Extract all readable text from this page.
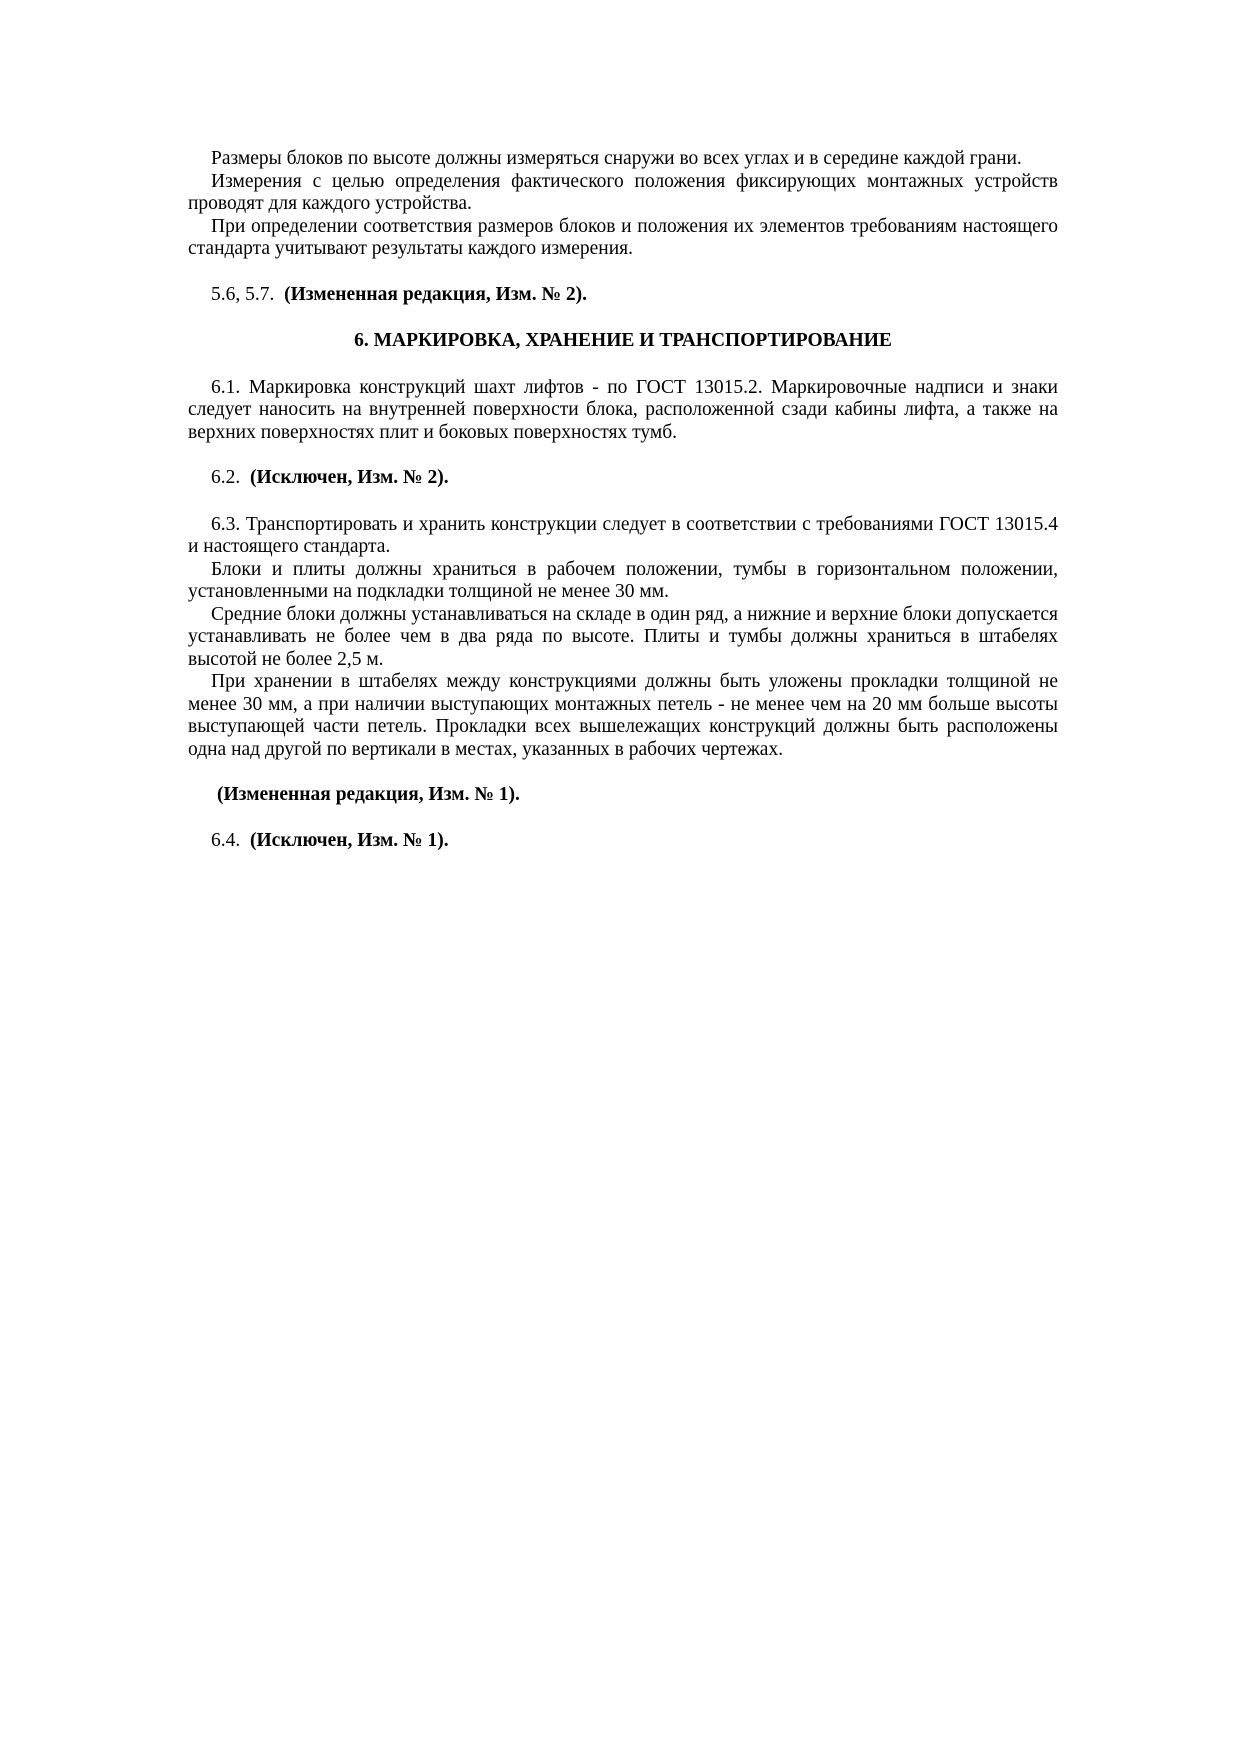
Размеры блоков по высоте должны измеряться снаружи во всех углах и в середине каждой грани.

Измерения с целью определения фактического положения фиксирующих монтажных устройств проводят для каждого устройства.

При определении соответствия размеров блоков и положения их элементов требованиям настоящего стандарта учитывают результаты каждого измерения.

5.6, 5.7. (Измененная редакция, Изм. № 2).

6. МАРКИРОВКА, ХРАНЕНИЕ И ТРАНСПОРТИРОВАНИЕ

6.1. Маркировка конструкций шахт лифтов - по ГОСТ 13015.2. Маркировочные надписи и знаки следует наносить на внутренней поверхности блока, расположенной сзади кабины лифта, а также на верхних поверхностях плит и боковых поверхностях тумб.

6.2. (Исключен, Изм. № 2).

6.3. Транспортировать и хранить конструкции следует в соответствии с требованиями ГОСТ 13015.4 и настоящего стандарта.

Блоки и плиты должны храниться в рабочем положении, тумбы в горизонтальном положении, установленными на подкладки толщиной не менее 30 мм.

Средние блоки должны устанавливаться на складе в один ряд, а нижние и верхние блоки допускается устанавливать не более чем в два ряда по высоте. Плиты и тумбы должны храниться в штабелях высотой не более 2,5 м.

При хранении в штабелях между конструкциями должны быть уложены прокладки толщиной не менее 30 мм, а при наличии выступающих монтажных петель - не менее чем на 20 мм больше высоты выступающей части петель. Прокладки всех вышележащих конструкций должны быть расположены одна над другой по вертикали в местах, указанных в рабочих чертежах.

(Измененная редакция, Изм. № 1).

6.4. (Исключен, Изм. № 1).
